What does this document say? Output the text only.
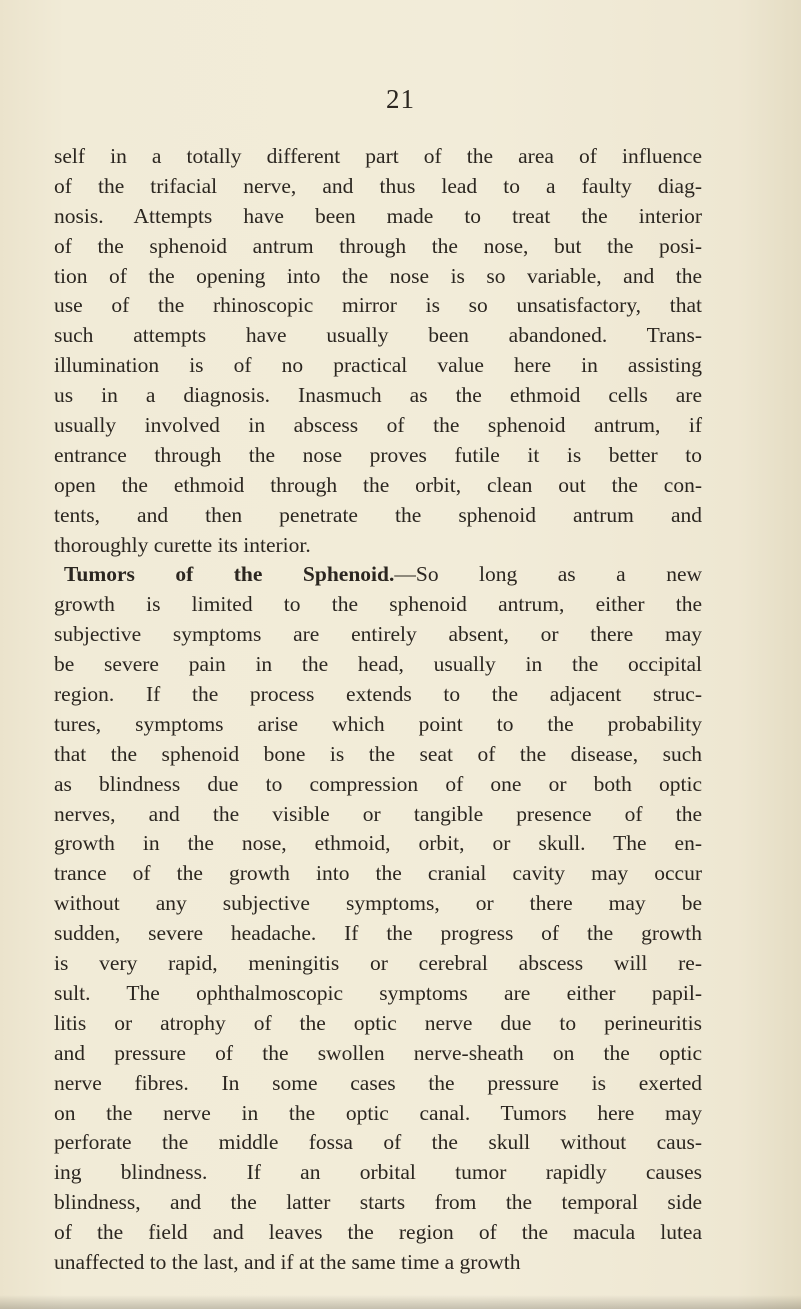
21
self in a totally different part of the area of influence
of the trifacial nerve, and thus lead to a faulty diag-
nosis. Attempts have been made to treat the interior
of the sphenoid antrum through the nose, but the posi-
tion of the opening into the nose is so variable, and the
use of the rhinoscopic mirror is so unsatisfactory, that
such attempts have usually been abandoned. Trans-
illumination is of no practical value here in assisting
us in a diagnosis. Inasmuch as the ethmoid cells are
usually involved in abscess of the sphenoid antrum, if
entrance through the nose proves futile it is better to
open the ethmoid through the orbit, clean out the con-
tents, and then penetrate the sphenoid antrum and
thoroughly curette its interior.
Tumors of the Sphenoid.—So long as a new
growth is limited to the sphenoid antrum, either the
subjective symptoms are entirely absent, or there may
be severe pain in the head, usually in the occipital
region. If the process extends to the adjacent struc-
tures, symptoms arise which point to the probability
that the sphenoid bone is the seat of the disease, such
as blindness due to compression of one or both optic
nerves, and the visible or tangible presence of the
growth in the nose, ethmoid, orbit, or skull. The en-
trance of the growth into the cranial cavity may occur
without any subjective symptoms, or there may be
sudden, severe headache. If the progress of the growth
is very rapid, meningitis or cerebral abscess will re-
sult. The ophthalmoscopic symptoms are either papil-
litis or atrophy of the optic nerve due to perineuritis
and pressure of the swollen nerve-sheath on the optic
nerve fibres. In some cases the pressure is exerted
on the nerve in the optic canal. Tumors here may
perforate the middle fossa of the skull without caus-
ing blindness. If an orbital tumor rapidly causes
blindness, and the latter starts from the temporal side
of the field and leaves the region of the macula lutea
unaffected to the last, and if at the same time a growth
